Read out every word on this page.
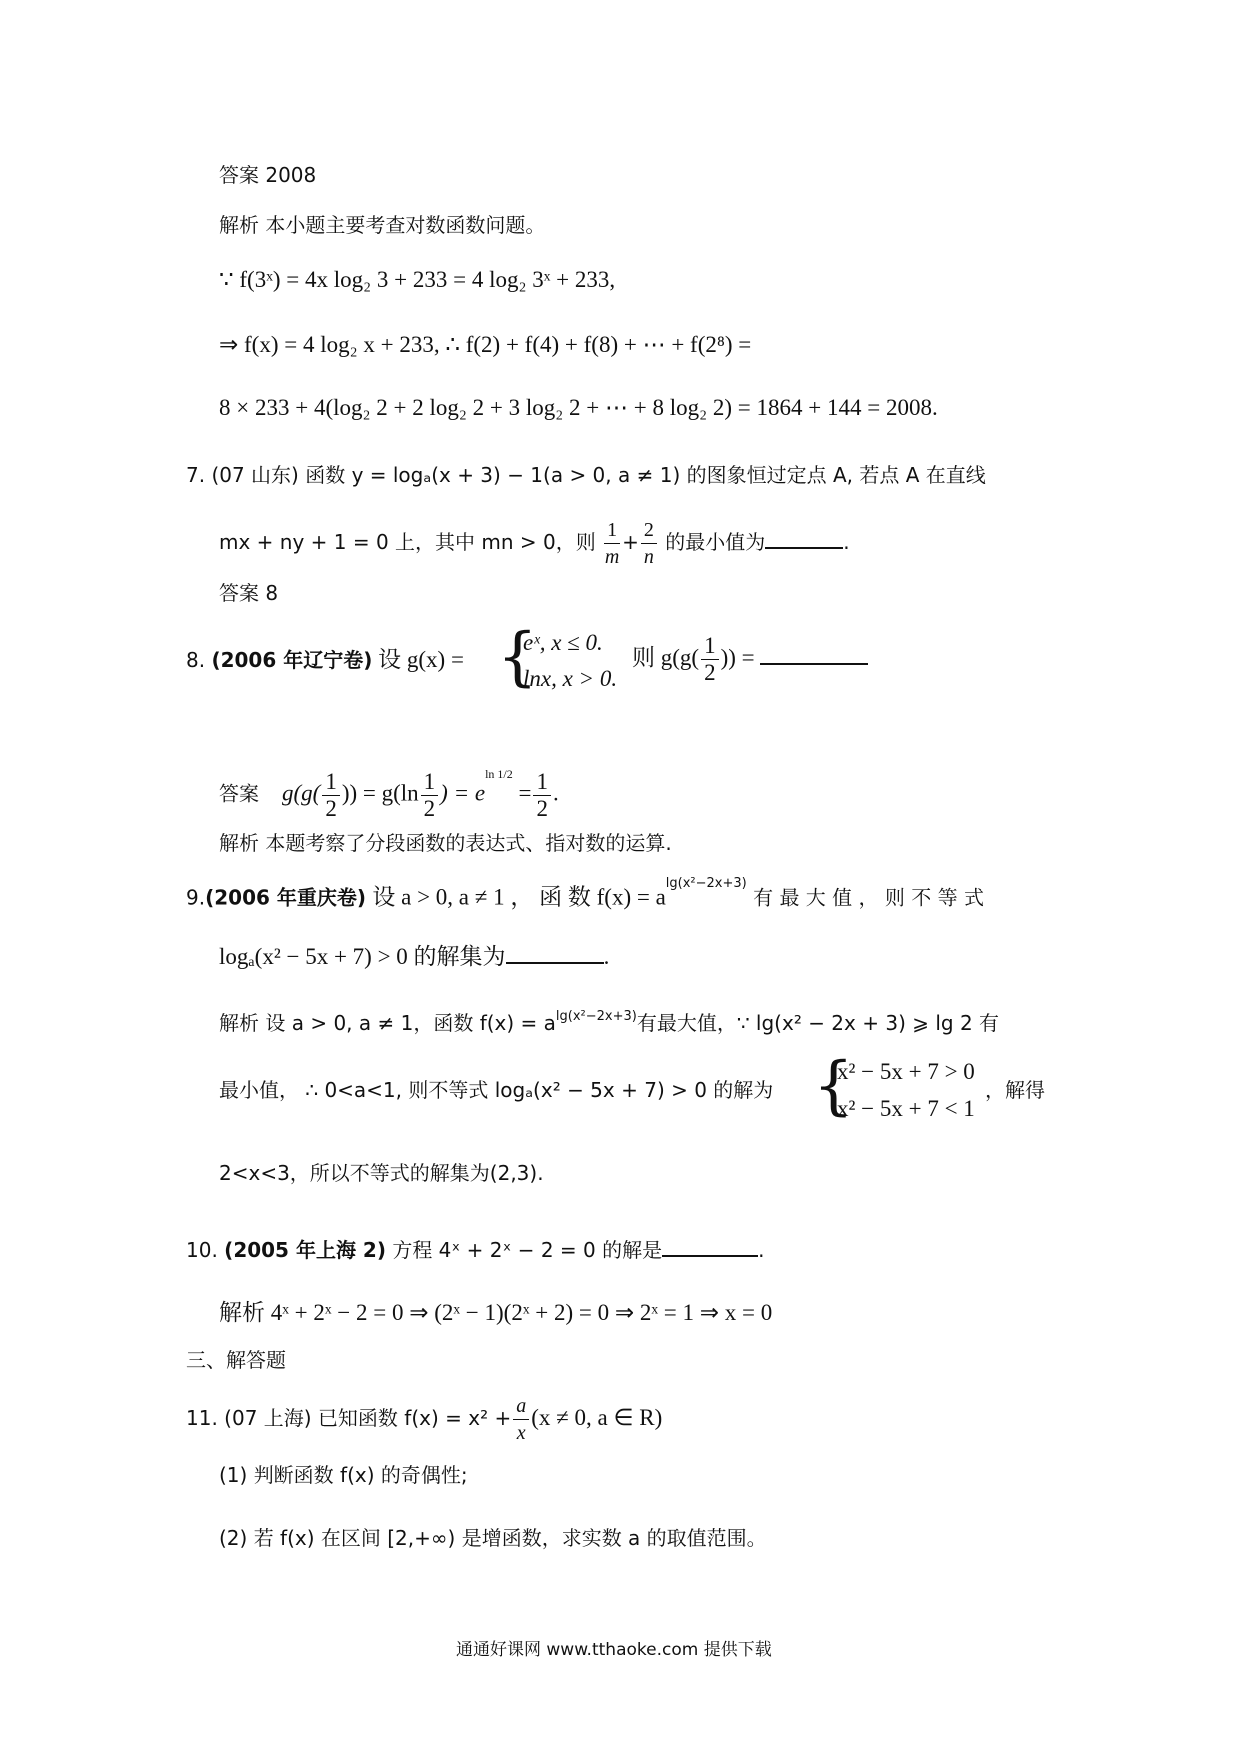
答案 2008
解析 本小题主要考查对数函数问题。
∵ f(3ˣ) = 4x log₂ 3 + 233 = 4 log₂ 3ˣ + 233,
⇒ f(x) = 4 log₂ x + 233, ∴ f(2) + f(4) + f(8) + ⋯ + f(2⁸) =
8 × 233 + 4(log₂ 2 + 2 log₂ 2 + 3 log₂ 2 + ⋯ + 8 log₂ 2) = 1864 + 144 = 2008.
7. (07 山东) 函数 y = logₐ(x + 3) − 1(a > 0, a ≠ 1) 的图象恒过定点 A, 若点 A 在直线
mx + ny + 1 = 0 上，其中 mn > 0，则 $\frac{1}{m} + \frac{2}{n}$ 的最小值为	.
答案 8
8. (2006 年辽宁卷) 设 g(x) = {
eˣ, x ≤ 0.
lnx, x > 0.
则 $g(g( \frac{1}{2}$ )) =
答案 $g(g( \frac{1}{2}$ )) = $g(\ln \frac{1}{2}$ ) = $e^{ln 1/2} = \frac{1}{2}$ .
解析 本题考察了分段函数的表达式、指对数的运算.
9.(2006 年重庆卷) 设 a > 0, a ≠ 1 ， 函 数 $f(x) = a^{lg(x^2-2x+3)}$ 有 最 大 值 ， 则 不 等 式
logₐ(x² − 5x + 7) > 0 的解集为	.
解析 设 a > 0, a ≠ 1，函数 $f(x) = a^{lg(x^2-2x+3)}$有最大值，∵ lg(x² − 2x + 3) ⩾ lg 2 有
最小值， ∴ 0<a<1, 则不等式 logₐ(x² − 5x + 7) > 0 的解为 {
x² − 5x + 7 > 0
x² − 5x + 7 < 1
，解得
2<x<3，所以不等式的解集为(2,3).
10. (2005 年上海 2) 方程 4ˣ + 2ˣ − 2 = 0 的解是	.
解析 4ˣ + 2ˣ − 2 = 0 ⇒ (2ˣ − 1)(2ˣ + 2) = 0 ⇒ 2ˣ = 1 ⇒ x = 0
三、解答题
11. (07 上海) 已知函数 $f(x) = x^2 + \frac{a}{x} (x \ne 0$, a ∈ R)
(1) 判断函数 f(x) 的奇偶性;
(2) 若 f(x) 在区间 [2,+∞) 是增函数，求实数 a 的取值范围。
通通好课网 www.tthaoke.com 提供下载
